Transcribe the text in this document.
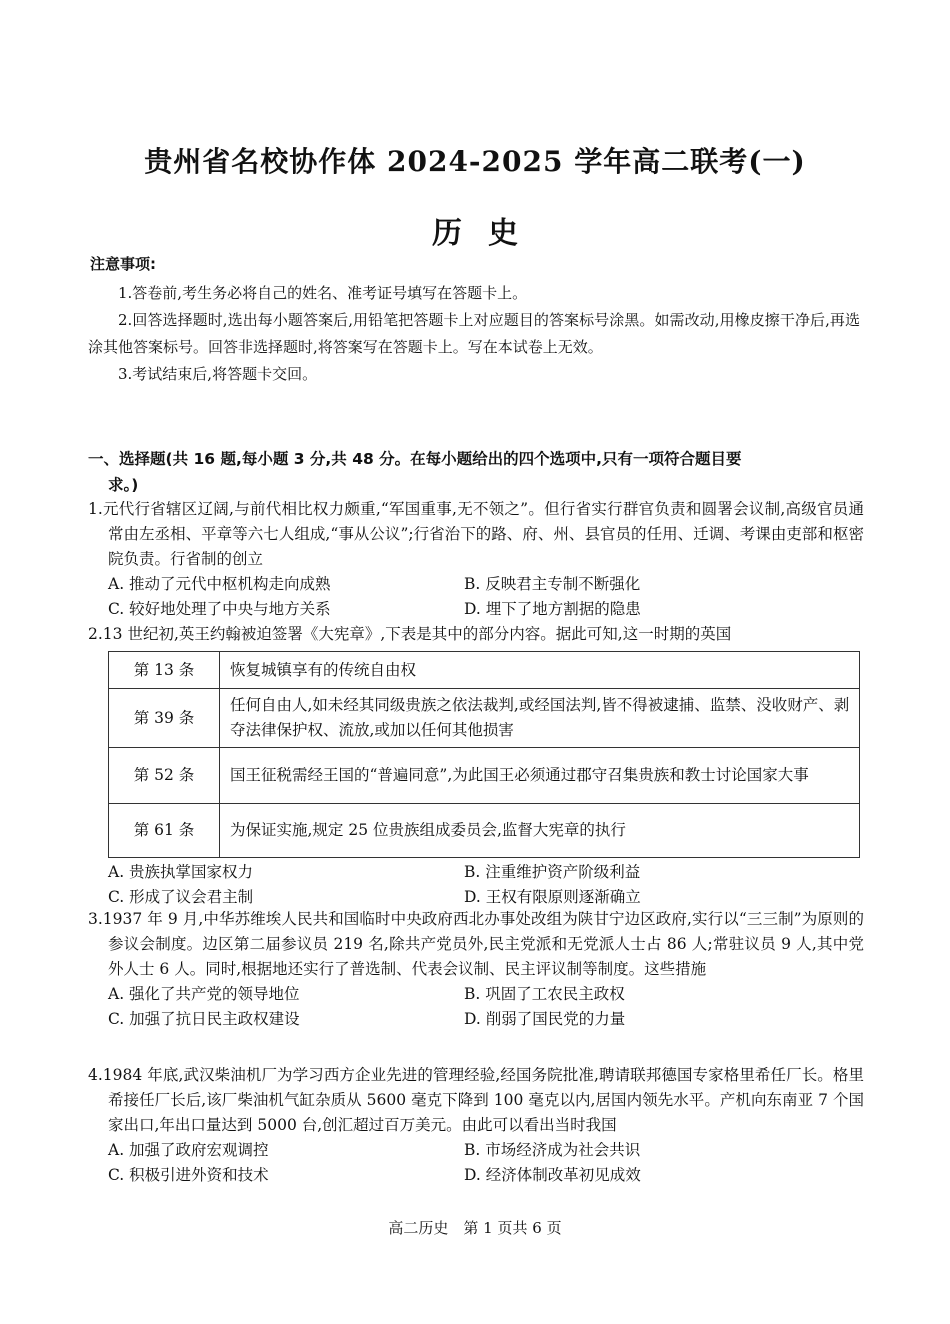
贵州省名校协作体 2024-2025 学年高二联考(一)
历史
注意事项:

1.答卷前,考生务必将自己的姓名、准考证号填写在答题卡上。

2.回答选择题时,选出每小题答案后,用铅笔把答题卡上对应题目的答案标号涂黑。如需改动,用橡皮擦干净后,再选涂其他答案标号。回答非选择题时,将答案写在答题卡上。写在本试卷上无效。

3.考试结束后,将答题卡交回。

一、选择题(共 16 题,每小题 3 分,共 48 分。在每小题给出的四个选项中,只有一项符合题目要
求。)
1.元代行省辖区辽阔,与前代相比权力颇重,“军国重事,无不领之”。但行省实行群官负责和圆署会议制,高级官员通常由左丞相、平章等六七人组成,“事从公议”;行省治下的路、府、州、县官员的任用、迁调、考课由吏部和枢密院负责。行省制的创立
A. 推动了元代中枢机构走向成熟	B. 反映君主专制不断强化
C. 较好地处理了中央与地方关系	D. 埋下了地方割据的隐患
2.13 世纪初,英王约翰被迫签署《大宪章》,下表是其中的部分内容。据此可知,这一时期的英国
第 13 条	恢复城镇享有的传统自由权
第 39 条	任何自由人,如未经其同级贵族之依法裁判,或经国法判,皆不得被逮捕、监禁、没收财产、剥夺法律保护权、流放,或加以任何其他损害
第 52 条	国王征税需经王国的“普遍同意”,为此国王必须通过郡守召集贵族和教士讨论国家大事
第 61 条	为保证实施,规定 25 位贵族组成委员会,监督大宪章的执行
A. 贵族执掌国家权力	B. 注重维护资产阶级利益
C. 形成了议会君主制	D. 王权有限原则逐渐确立
3.1937 年 9 月,中华苏维埃人民共和国临时中央政府西北办事处改组为陕甘宁边区政府,实行以“三三制”为原则的参议会制度。边区第二届参议员 219 名,除共产党员外,民主党派和无党派人士占 86 人;常驻议员 9 人,其中党外人士 6 人。同时,根据地还实行了普选制、代表会议制、民主评议制等制度。这些措施
A. 强化了共产党的领导地位	B. 巩固了工农民主政权
C. 加强了抗日民主政权建设	D. 削弱了国民党的力量
4.1984 年底,武汉柴油机厂为学习西方企业先进的管理经验,经国务院批准,聘请联邦德国专家格里希任厂长。格里希接任厂长后,该厂柴油机气缸杂质从 5600 毫克下降到 100 毫克以内,居国内领先水平。产机向东南亚 7 个国家出口,年出口量达到 5000 台,创汇超过百万美元。由此可以看出当时我国
A. 加强了政府宏观调控	B. 市场经济成为社会共识
C. 积极引进外资和技术	D. 经济体制改革初见成效
高二历史　第 1 页共 6 页
